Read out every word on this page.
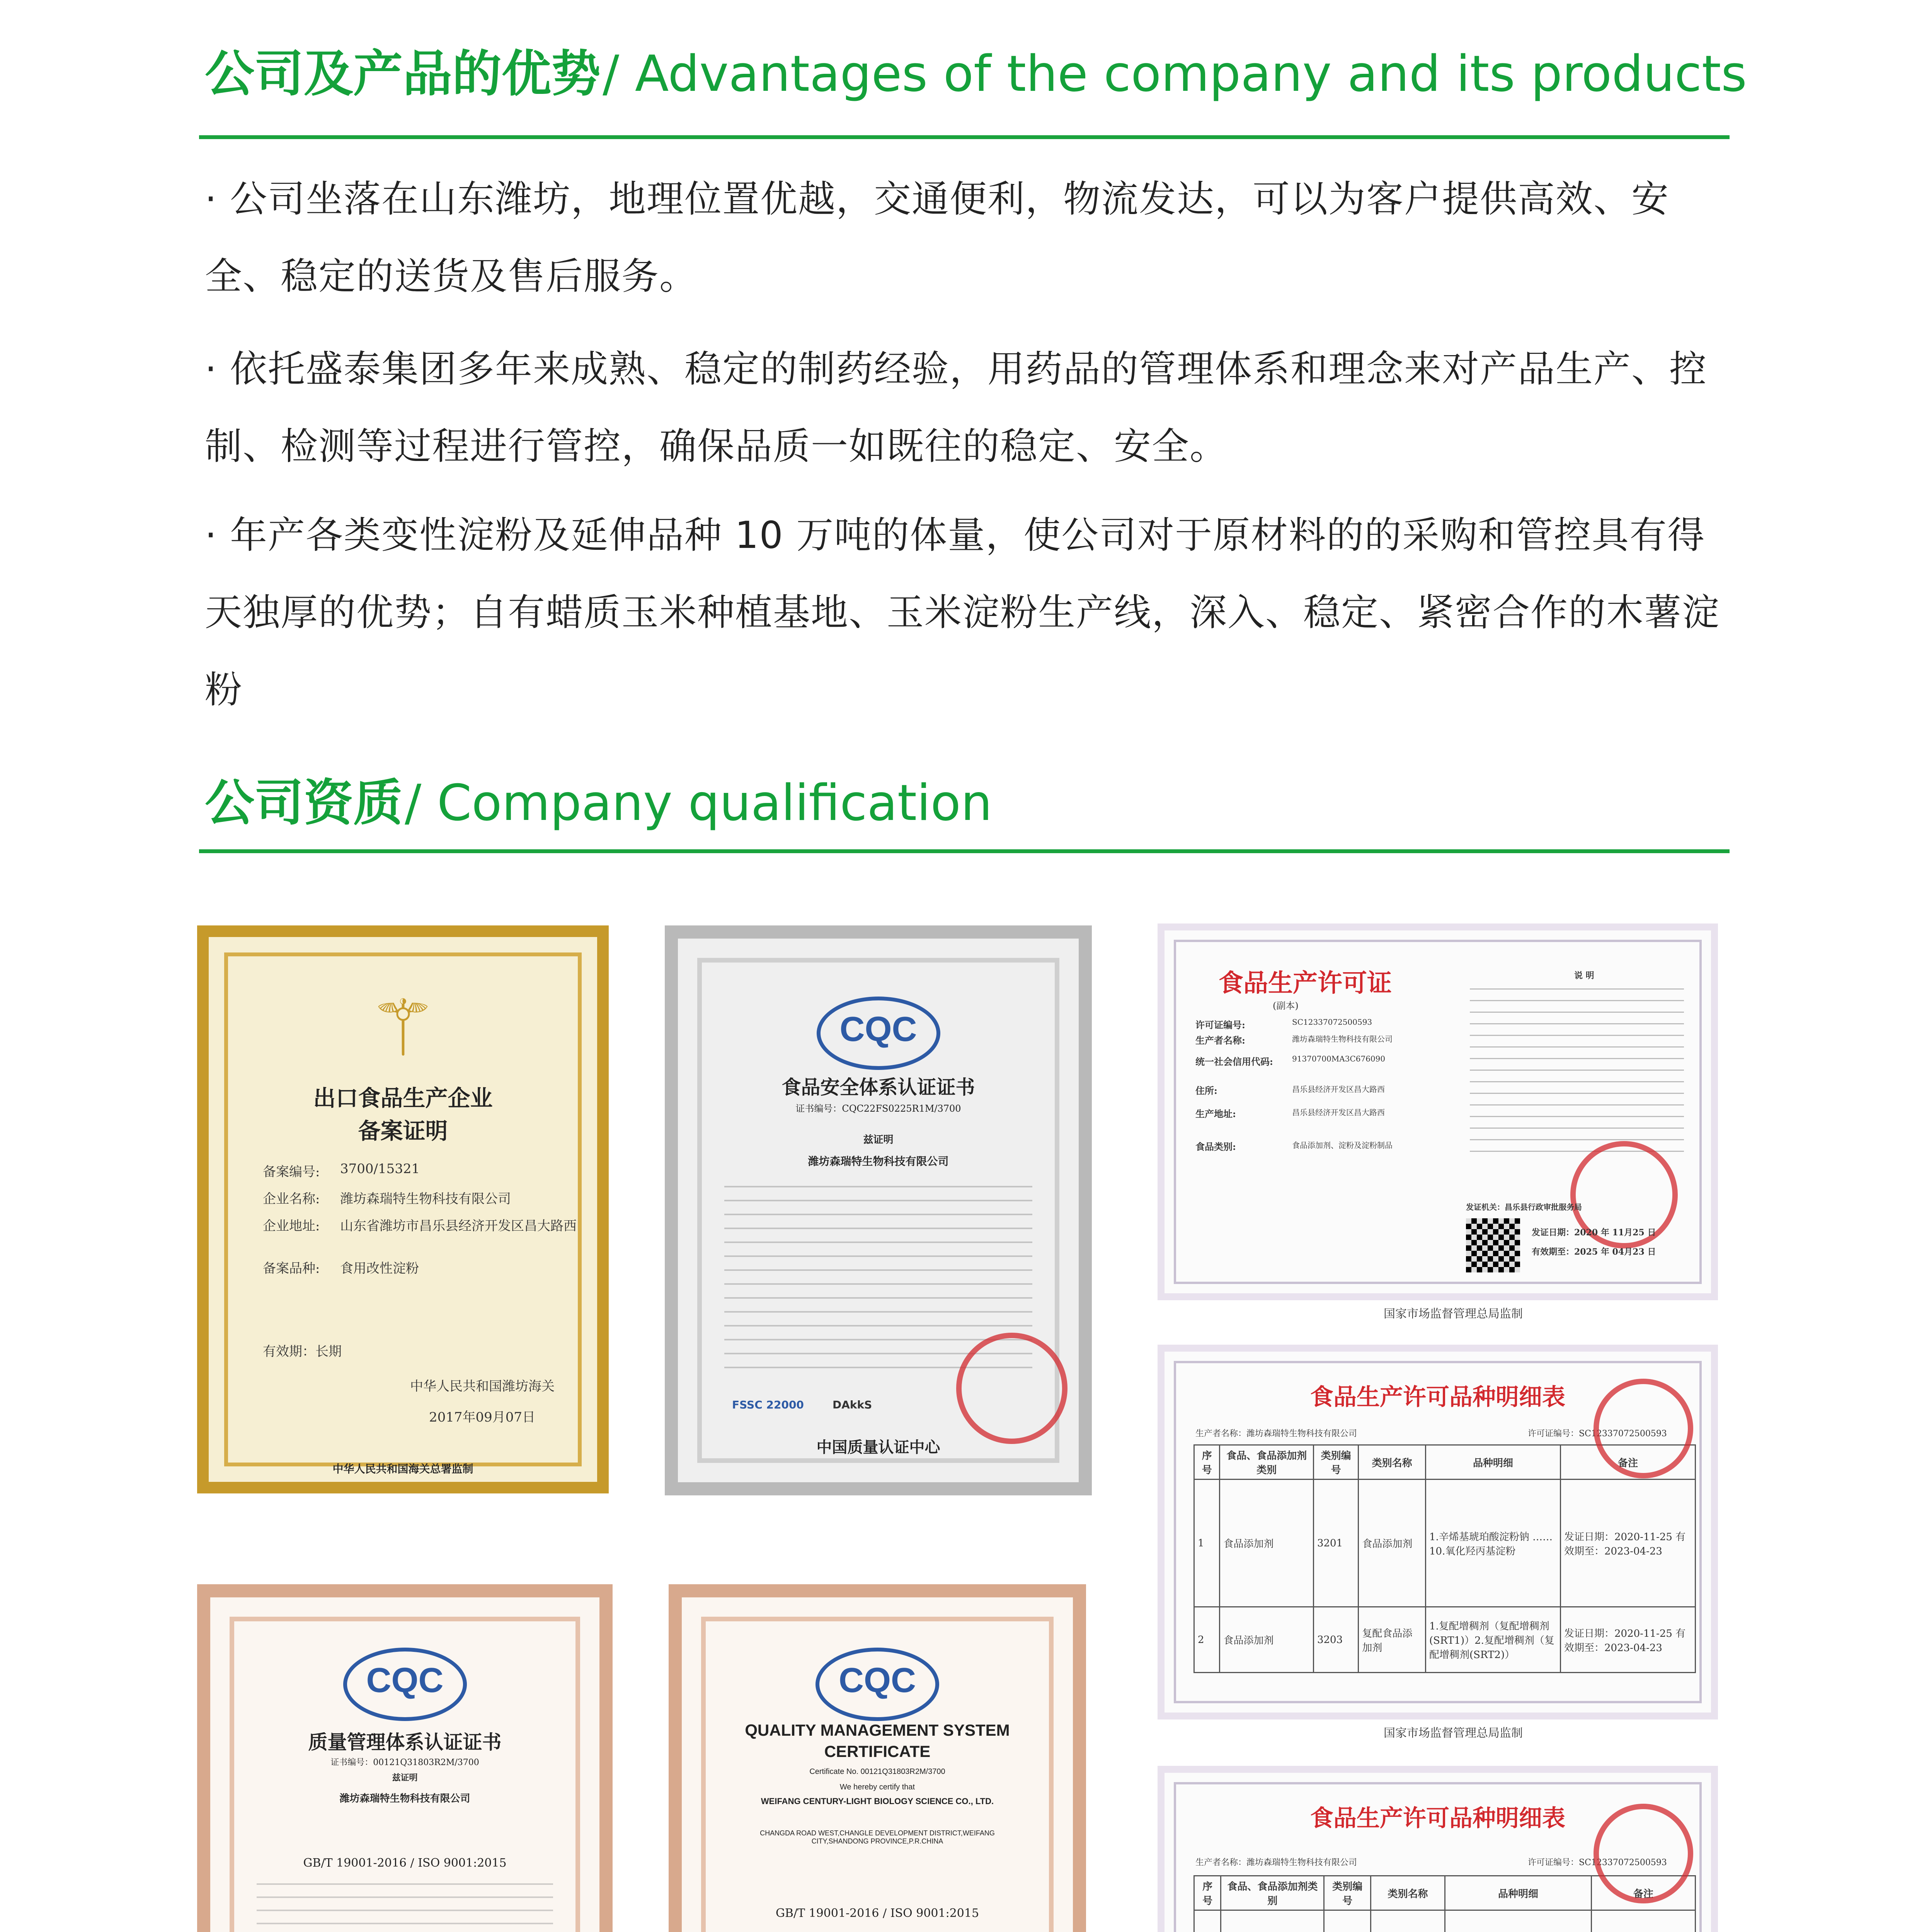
公司及产品的优势 / Advantages of the company and its products
· 公司坐落在山东潍坊，地理位置优越，交通便利，物流发达，可以为客户提供高效、安全、稳定的送货及售后服务。
· 依托盛泰集团多年来成熟、稳定的制药经验，用药品的管理体系和理念来对产品生产、控制、检测等过程进行管控，确保品质一如既往的稳定、安全。
· 年产各类变性淀粉及延伸品种 10 万吨的体量，使公司对于原材料的的采购和管控具有得天独厚的优势；自有蜡质玉米种植基地、玉米淀粉生产线，深入、稳定、紧密合作的木薯淀粉
公司资质 / Company qualification
⚚
出口食品生产企业
备案证明
备案编号: 3700/15321
企业名称: 潍坊森瑞特生物科技有限公司
企业地址: 山东省潍坊市昌乐县经济开发区昌大路西
备案品种: 食用改性淀粉
有效期：长期
中华人民共和国潍坊海关
2017年09月07日
中华人民共和国海关总署监制
CQC
食品安全体系认证证书
证书编号：CQC22FS0225R1M/3700
兹证明
潍坊森瑞特生物科技有限公司
FSSC 22000	DAkkS
中国质量认证中心
FS 0000776
食品生产许可证
(副本)
许可证编号:	SC12337072500593
生产者名称:	潍坊森瑞特生物科技有限公司
统一社会信用代码: 91370700MA3C676090
住所:	昌乐县经济开发区昌大路西
生产地址:	昌乐县经济开发区昌大路西
食品类别:	食品添加剂、淀粉及淀粉制品
说 明
发证机关：昌乐县行政审批服务局
发证日期：2020 年 11月25 日
有效期至：2025 年 04月23 日
国家市场监督管理总局监制
食品生产许可品种明细表
生产者名称：潍坊森瑞特生物科技有限公司	许可证编号：SC12337072500593
序号	食品、食品添加剂类别	类别编号	类别名称	品种明细	备注
1	食品添加剂	3201	食品添加剂	1.辛烯基琥珀酸淀粉钠 …… 10.氧化羟丙基淀粉	发证日期：2020-11-25 有效期至：2023-04-23
2	食品添加剂	3203	复配食品添加剂	1.复配增稠剂（复配增稠剂(SRT1)）2.复配增稠剂（复配增稠剂(SRT2)）	发证日期：2020-11-25 有效期至：2023-04-23
国家市场监督管理总局监制
CQC
质量管理体系认证证书
证书编号：00121Q31803R2M/3700
兹证明
潍坊森瑞特生物科技有限公司
GB/T 19001-2016 / ISO 9001:2015
CQC
QUALITY MANAGEMENT SYSTEM
CERTIFICATE
Certificate No. 00121Q31803R2M/3700
We hereby certify that
WEIFANG CENTURY-LIGHT BIOLOGY SCIENCE CO., LTD.
CHANGDA ROAD WEST,CHANGLE DEVELOPMENT DISTRICT,WEIFANG CITY,SHANDONG PROVINCE,P.R.CHINA
GB/T 19001-2016 / ISO 9001:2015
食品生产许可品种明细表
生产者名称：潍坊森瑞特生物科技有限公司	许可证编号：SC12337072500593
序号	食品、食品添加剂类别	类别编号	类别名称	品种明细	备注
